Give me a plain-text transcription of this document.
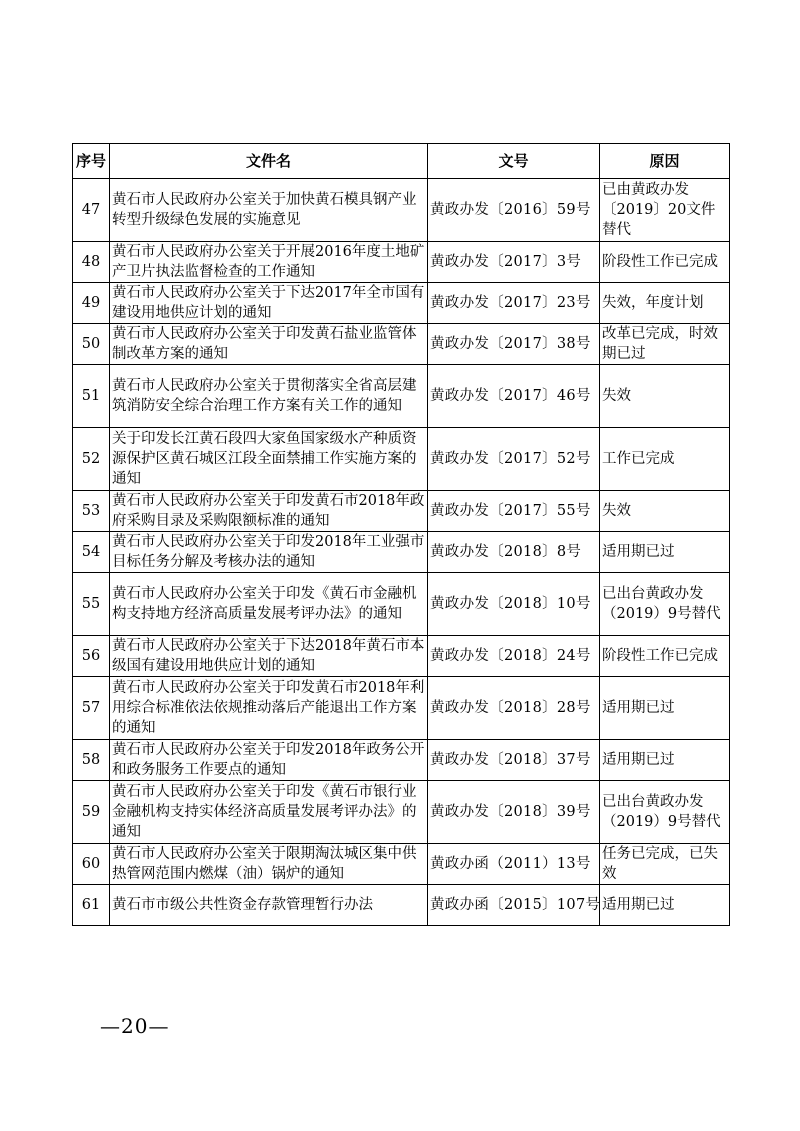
序号	文件名	文号	原因
47	黄石市人民政府办公室关于加快黄石模具钢产业转型升级绿色发展的实施意见	黄政办发〔2016〕59号	已由黄政办发〔2019〕20文件替代
48	黄石市人民政府办公室关于开展2016年度土地矿产卫片执法监督检查的工作通知	黄政办发〔2017〕3号	阶段性工作已完成
49	黄石市人民政府办公室关于下达2017年全市国有建设用地供应计划的通知	黄政办发〔2017〕23号	失效，年度计划
50	黄石市人民政府办公室关于印发黄石盐业监管体制改革方案的通知	黄政办发〔2017〕38号	改革已完成，时效期已过
51	黄石市人民政府办公室关于贯彻落实全省高层建筑消防安全综合治理工作方案有关工作的通知	黄政办发〔2017〕46号	失效
52	关于印发长江黄石段四大家鱼国家级水产种质资源保护区黄石城区江段全面禁捕工作实施方案的通知	黄政办发〔2017〕52号	工作已完成
53	黄石市人民政府办公室关于印发黄石市2018年政府采购目录及采购限额标准的通知	黄政办发〔2017〕55号	失效
54	黄石市人民政府办公室关于印发2018年工业强市目标任务分解及考核办法的通知	黄政办发〔2018〕8号	适用期已过
55	黄石市人民政府办公室关于印发《黄石市金融机构支持地方经济高质量发展考评办法》的通知	黄政办发〔2018〕10号	已出台黄政办发（2019）9号替代
56	黄石市人民政府办公室关于下达2018年黄石市本级国有建设用地供应计划的通知	黄政办发〔2018〕24号	阶段性工作已完成
57	黄石市人民政府办公室关于印发黄石市2018年利用综合标准依法依规推动落后产能退出工作方案的通知	黄政办发〔2018〕28号	适用期已过
58	黄石市人民政府办公室关于印发2018年政务公开和政务服务工作要点的通知	黄政办发〔2018〕37号	适用期已过
59	黄石市人民政府办公室关于印发《黄石市银行业金融机构支持实体经济高质量发展考评办法》的通知	黄政办发〔2018〕39号	已出台黄政办发（2019）9号替代
60	黄石市人民政府办公室关于限期淘汰城区集中供热管网范围内燃煤（油）锅炉的通知	黄政办函（2011）13号	任务已完成，已失效
61	黄石市市级公共性资金存款管理暂行办法	黄政办函〔2015〕107号	适用期已过
—20—
